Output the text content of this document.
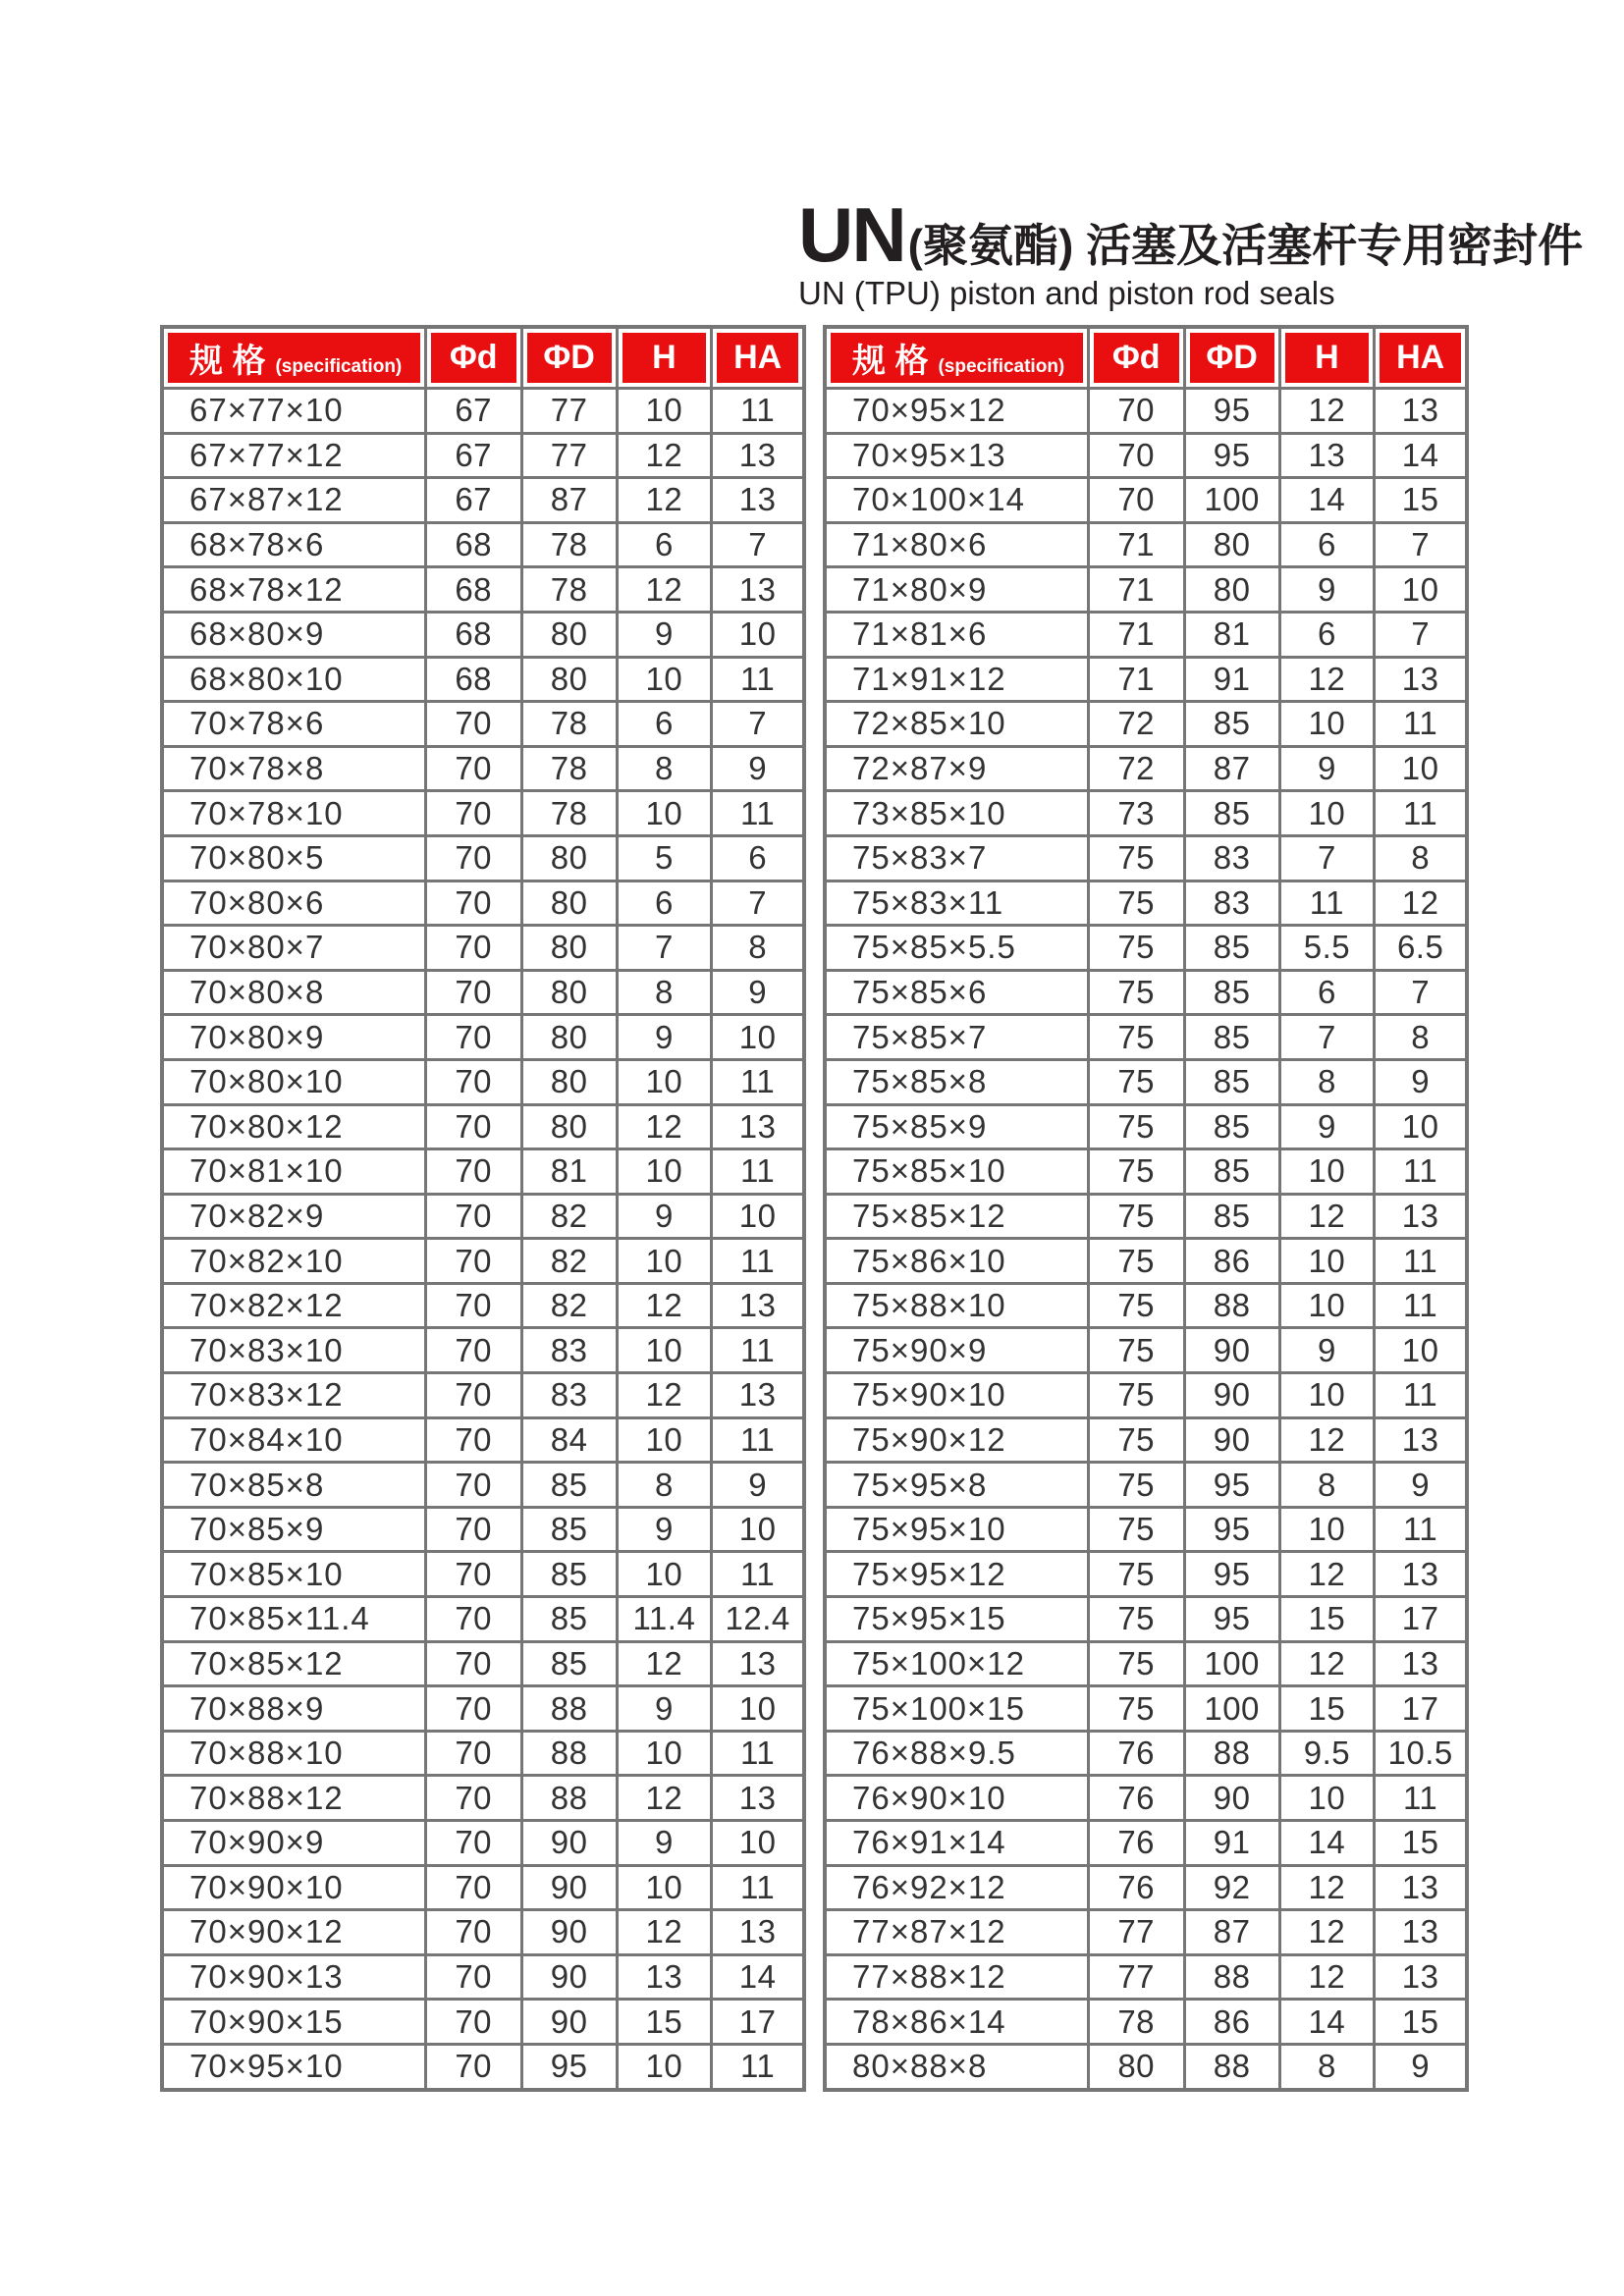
UN (聚氨酯) 活塞及活塞杆专用密封件
UN (TPU) piston and piston rod seals
规 格 (specification)	Φd	ΦD	H	HA
67×77×10	67	77	10	11
67×77×12	67	77	12	13
67×87×12	67	87	12	13
68×78×6	68	78	6	7
68×78×12	68	78	12	13
68×80×9	68	80	9	10
68×80×10	68	80	10	11
70×78×6	70	78	6	7
70×78×8	70	78	8	9
70×78×10	70	78	10	11
70×80×5	70	80	5	6
70×80×6	70	80	6	7
70×80×7	70	80	7	8
70×80×8	70	80	8	9
70×80×9	70	80	9	10
70×80×10	70	80	10	11
70×80×12	70	80	12	13
70×81×10	70	81	10	11
70×82×9	70	82	9	10
70×82×10	70	82	10	11
70×82×12	70	82	12	13
70×83×10	70	83	10	11
70×83×12	70	83	12	13
70×84×10	70	84	10	11
70×85×8	70	85	8	9
70×85×9	70	85	9	10
70×85×10	70	85	10	11
70×85×11.4	70	85	11.4	12.4
70×85×12	70	85	12	13
70×88×9	70	88	9	10
70×88×10	70	88	10	11
70×88×12	70	88	12	13
70×90×9	70	90	9	10
70×90×10	70	90	10	11
70×90×12	70	90	12	13
70×90×13	70	90	13	14
70×90×15	70	90	15	17
70×95×10	70	95	10	11
规 格 (specification)	Φd	ΦD	H	HA
70×95×12	70	95	12	13
70×95×13	70	95	13	14
70×100×14	70	100	14	15
71×80×6	71	80	6	7
71×80×9	71	80	9	10
71×81×6	71	81	6	7
71×91×12	71	91	12	13
72×85×10	72	85	10	11
72×87×9	72	87	9	10
73×85×10	73	85	10	11
75×83×7	75	83	7	8
75×83×11	75	83	11	12
75×85×5.5	75	85	5.5	6.5
75×85×6	75	85	6	7
75×85×7	75	85	7	8
75×85×8	75	85	8	9
75×85×9	75	85	9	10
75×85×10	75	85	10	11
75×85×12	75	85	12	13
75×86×10	75	86	10	11
75×88×10	75	88	10	11
75×90×9	75	90	9	10
75×90×10	75	90	10	11
75×90×12	75	90	12	13
75×95×8	75	95	8	9
75×95×10	75	95	10	11
75×95×12	75	95	12	13
75×95×15	75	95	15	17
75×100×12	75	100	12	13
75×100×15	75	100	15	17
76×88×9.5	76	88	9.5	10.5
76×90×10	76	90	10	11
76×91×14	76	91	14	15
76×92×12	76	92	12	13
77×87×12	77	87	12	13
77×88×12	77	88	12	13
78×86×14	78	86	14	15
80×88×8	80	88	8	9
